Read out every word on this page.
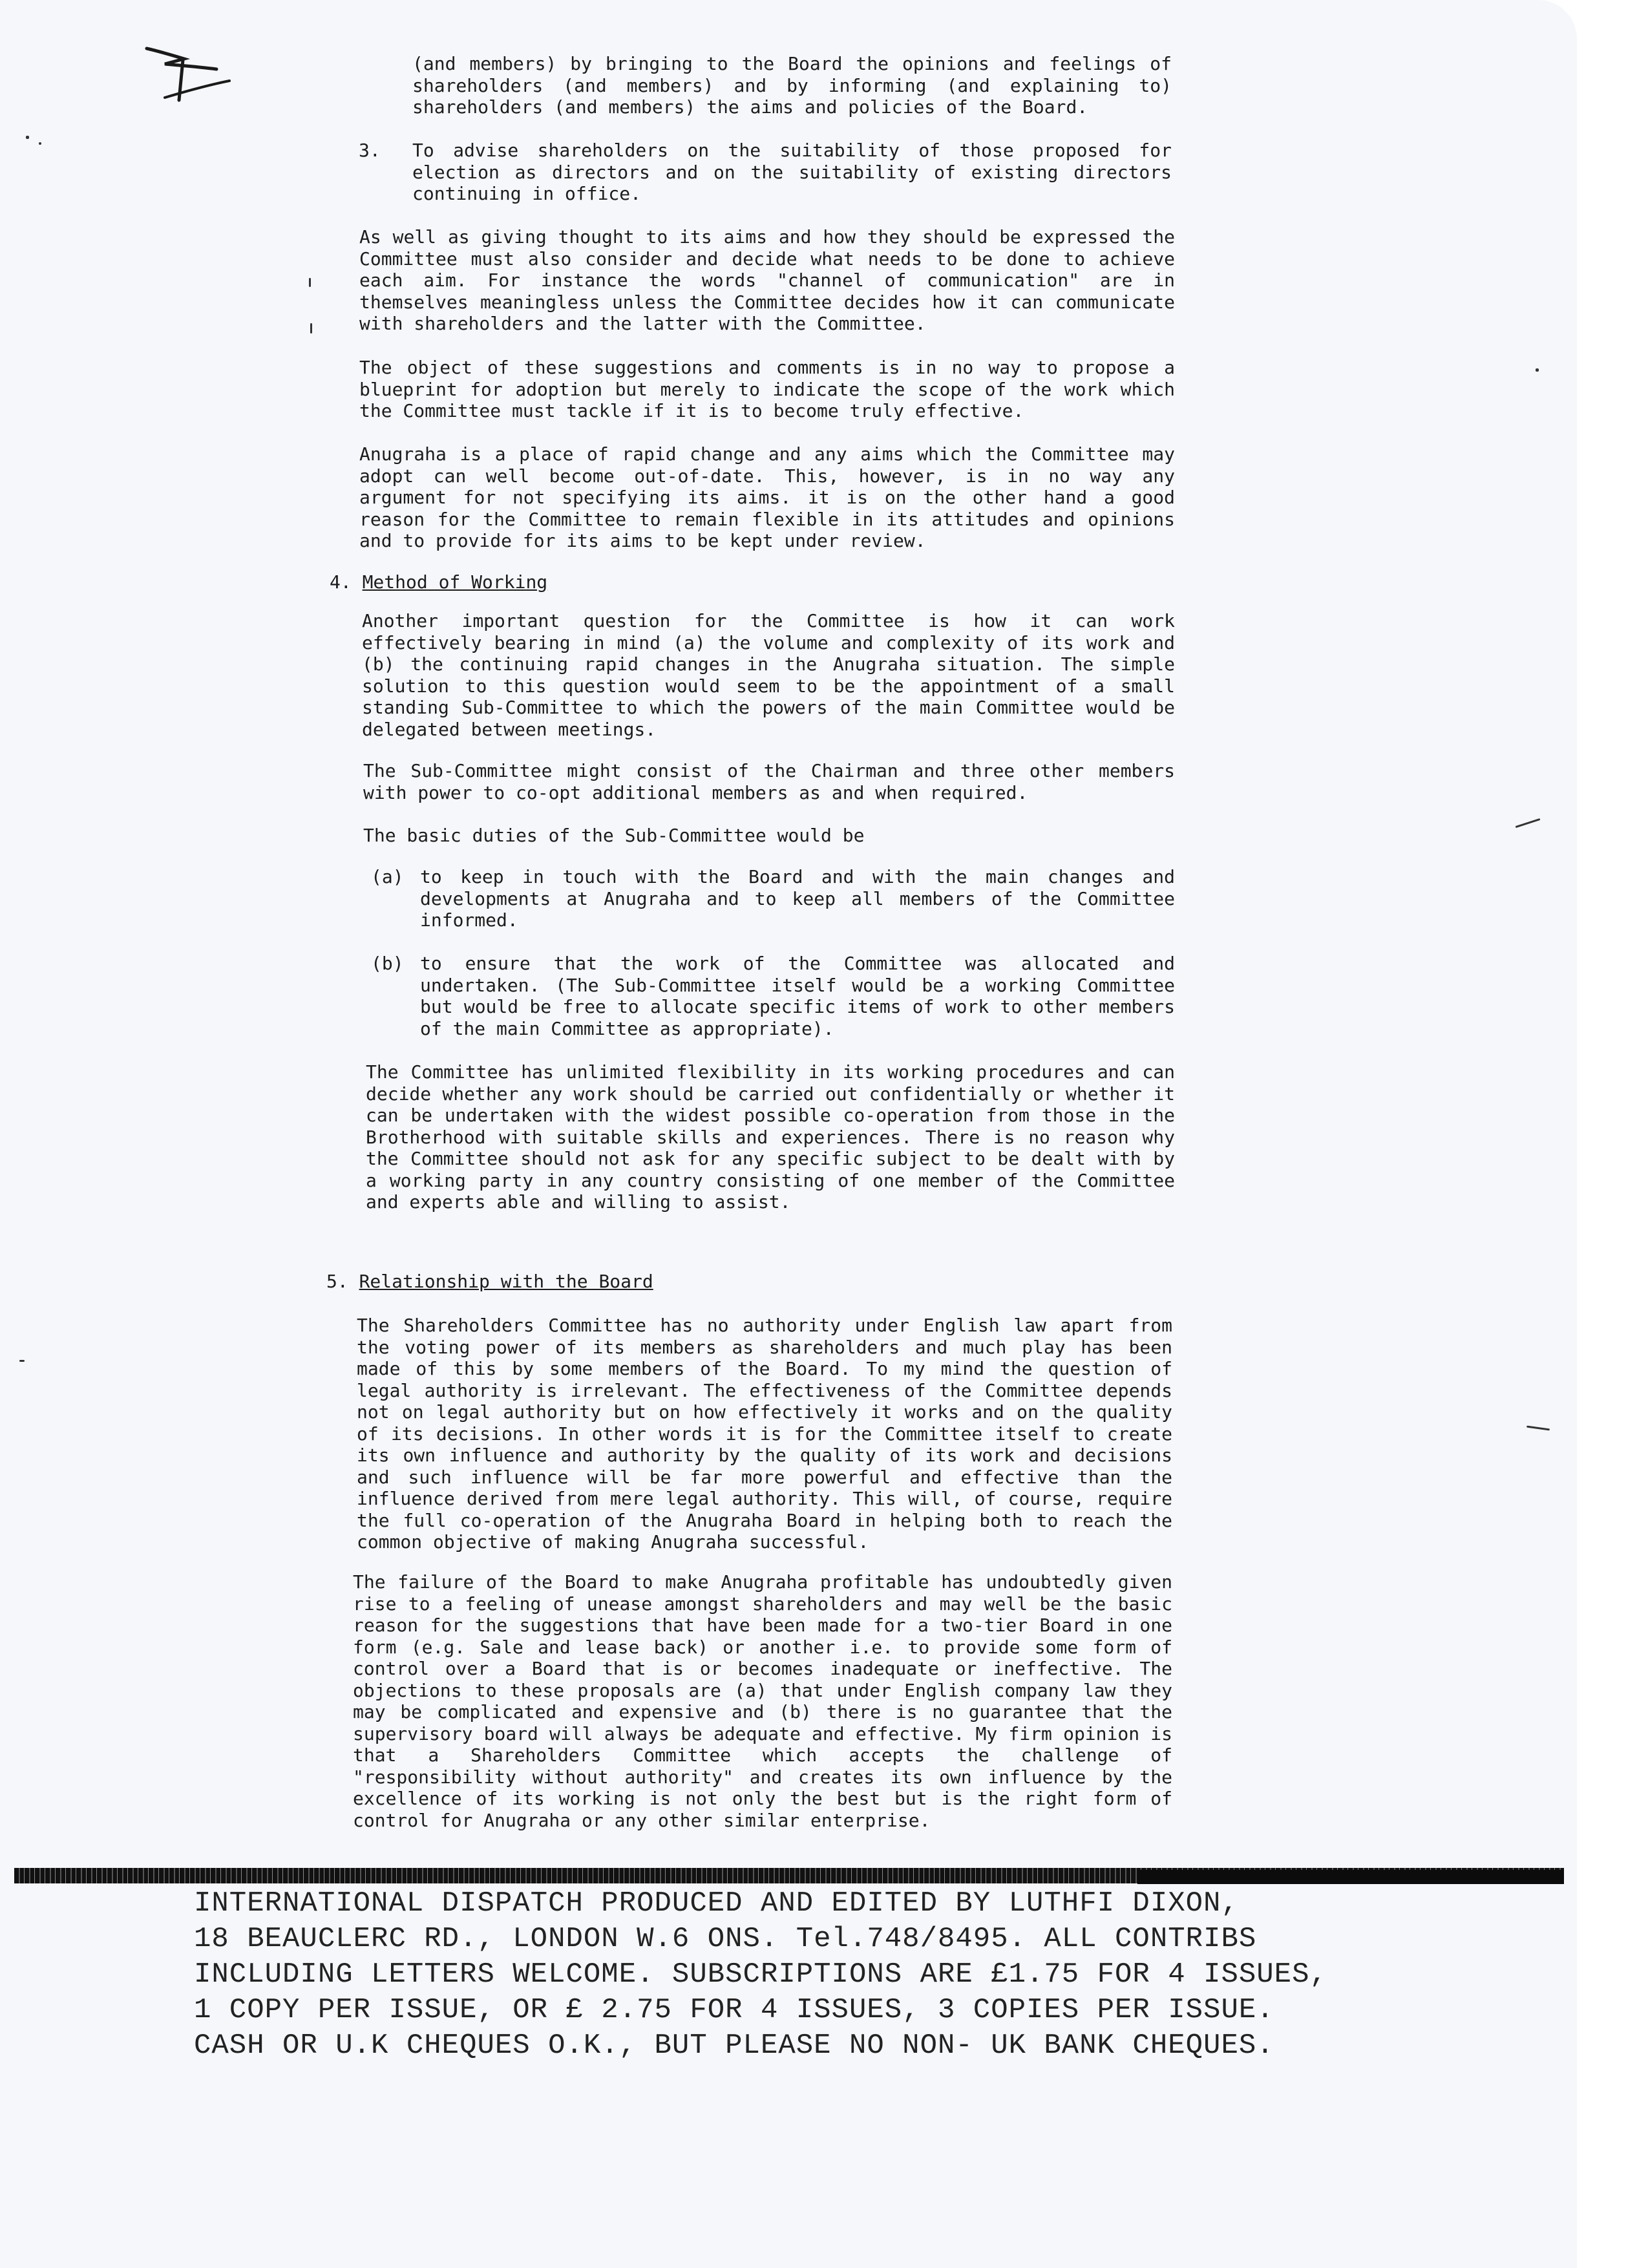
(and members) by bringing to the Board the opinions and feelings of shareholders (and members) and by informing (and explaining to) shareholders (and members) the aims and policies of the Board.
3. To advise shareholders on the suitability of those proposed for election as directors and on the suitability of existing directors continuing in office.
As well as giving thought to its aims and how they should be expressed the Committee must also consider and decide what needs to be done to achieve each aim. For instance the words "channel of communication" are in themselves meaningless unless the Committee decides how it can communicate with shareholders and the latter with the Committee.
The object of these suggestions and comments is in no way to propose a blueprint for adoption but merely to indicate the scope of the work which the Committee must tackle if it is to become truly effective.
Anugraha is a place of rapid change and any aims which the Committee may adopt can well become out-of-date. This, however, is in no way any argument for not specifying its aims. it is on the other hand a good reason for the Committee to remain flexible in its attitudes and opinions and to provide for its aims to be kept under review.
4. Method of Working
Another important question for the Committee is how it can work effectively bearing in mind (a) the volume and complexity of its work and (b) the continuing rapid changes in the Anugraha situation. The simple solution to this question would seem to be the appointment of a small standing Sub-Committee to which the powers of the main Committee would be delegated between meetings.
The Sub-Committee might consist of the Chairman and three other members with power to co-opt additional members as and when required.
The basic duties of the Sub-Committee would be
(a) to keep in touch with the Board and with the main changes and developments at Anugraha and to keep all members of the Committee informed.
(b) to ensure that the work of the Committee was allocated and undertaken. (The Sub-Committee itself would be a working Committee but would be free to allocate specific items of work to other members of the main Committee as appropriate).
The Committee has unlimited flexibility in its working procedures and can decide whether any work should be carried out confidentially or whether it can be undertaken with the widest possible co-operation from those in the Brotherhood with suitable skills and experiences. There is no reason why the Committee should not ask for any specific subject to be dealt with by a working party in any country consisting of one member of the Committee and experts able and willing to assist.
5. Relationship with the Board
The Shareholders Committee has no authority under English law apart from the voting power of its members as shareholders and much play has been made of this by some members of the Board. To my mind the question of legal authority is irrelevant. The effectiveness of the Committee depends not on legal authority but on how effectively it works and on the quality of its decisions. In other words it is for the Committee itself to create its own influence and authority by the quality of its work and decisions and such influence will be far more powerful and effective than the influence derived from mere legal authority. This will, of course, require the full co-operation of the Anugraha Board in helping both to reach the common objective of making Anugraha successful.
The failure of the Board to make Anugraha profitable has undoubtedly given rise to a feeling of unease amongst shareholders and may well be the basic reason for the suggestions that have been made for a two-tier Board in one form (e.g. Sale and lease back) or another i.e. to provide some form of control over a Board that is or becomes inadequate or ineffective. The objections to these proposals are (a) that under English company law they may be complicated and expensive and (b) there is no guarantee that the supervisory board will always be adequate and effective. My firm opinion is that a Shareholders Committee which accepts the challenge of "responsibility without authority" and creates its own influence by the excellence of its working is not only the best but is the right form of control for Anugraha or any other similar enterprise.
INTERNATIONAL DISPATCH PRODUCED AND EDITED BY LUTHFI DIXON,
18 BEAUCLERC RD., LONDON W.6 ONS. Tel.748/8495. ALL CONTRIBS
INCLUDING LETTERS WELCOME. SUBSCRIPTIONS ARE £1.75 FOR 4 ISSUES,
1 COPY PER ISSUE, OR £ 2.75 FOR 4 ISSUES, 3 COPIES PER ISSUE.
CASH OR U.K CHEQUES O.K., BUT PLEASE NO NON- UK BANK CHEQUES.
